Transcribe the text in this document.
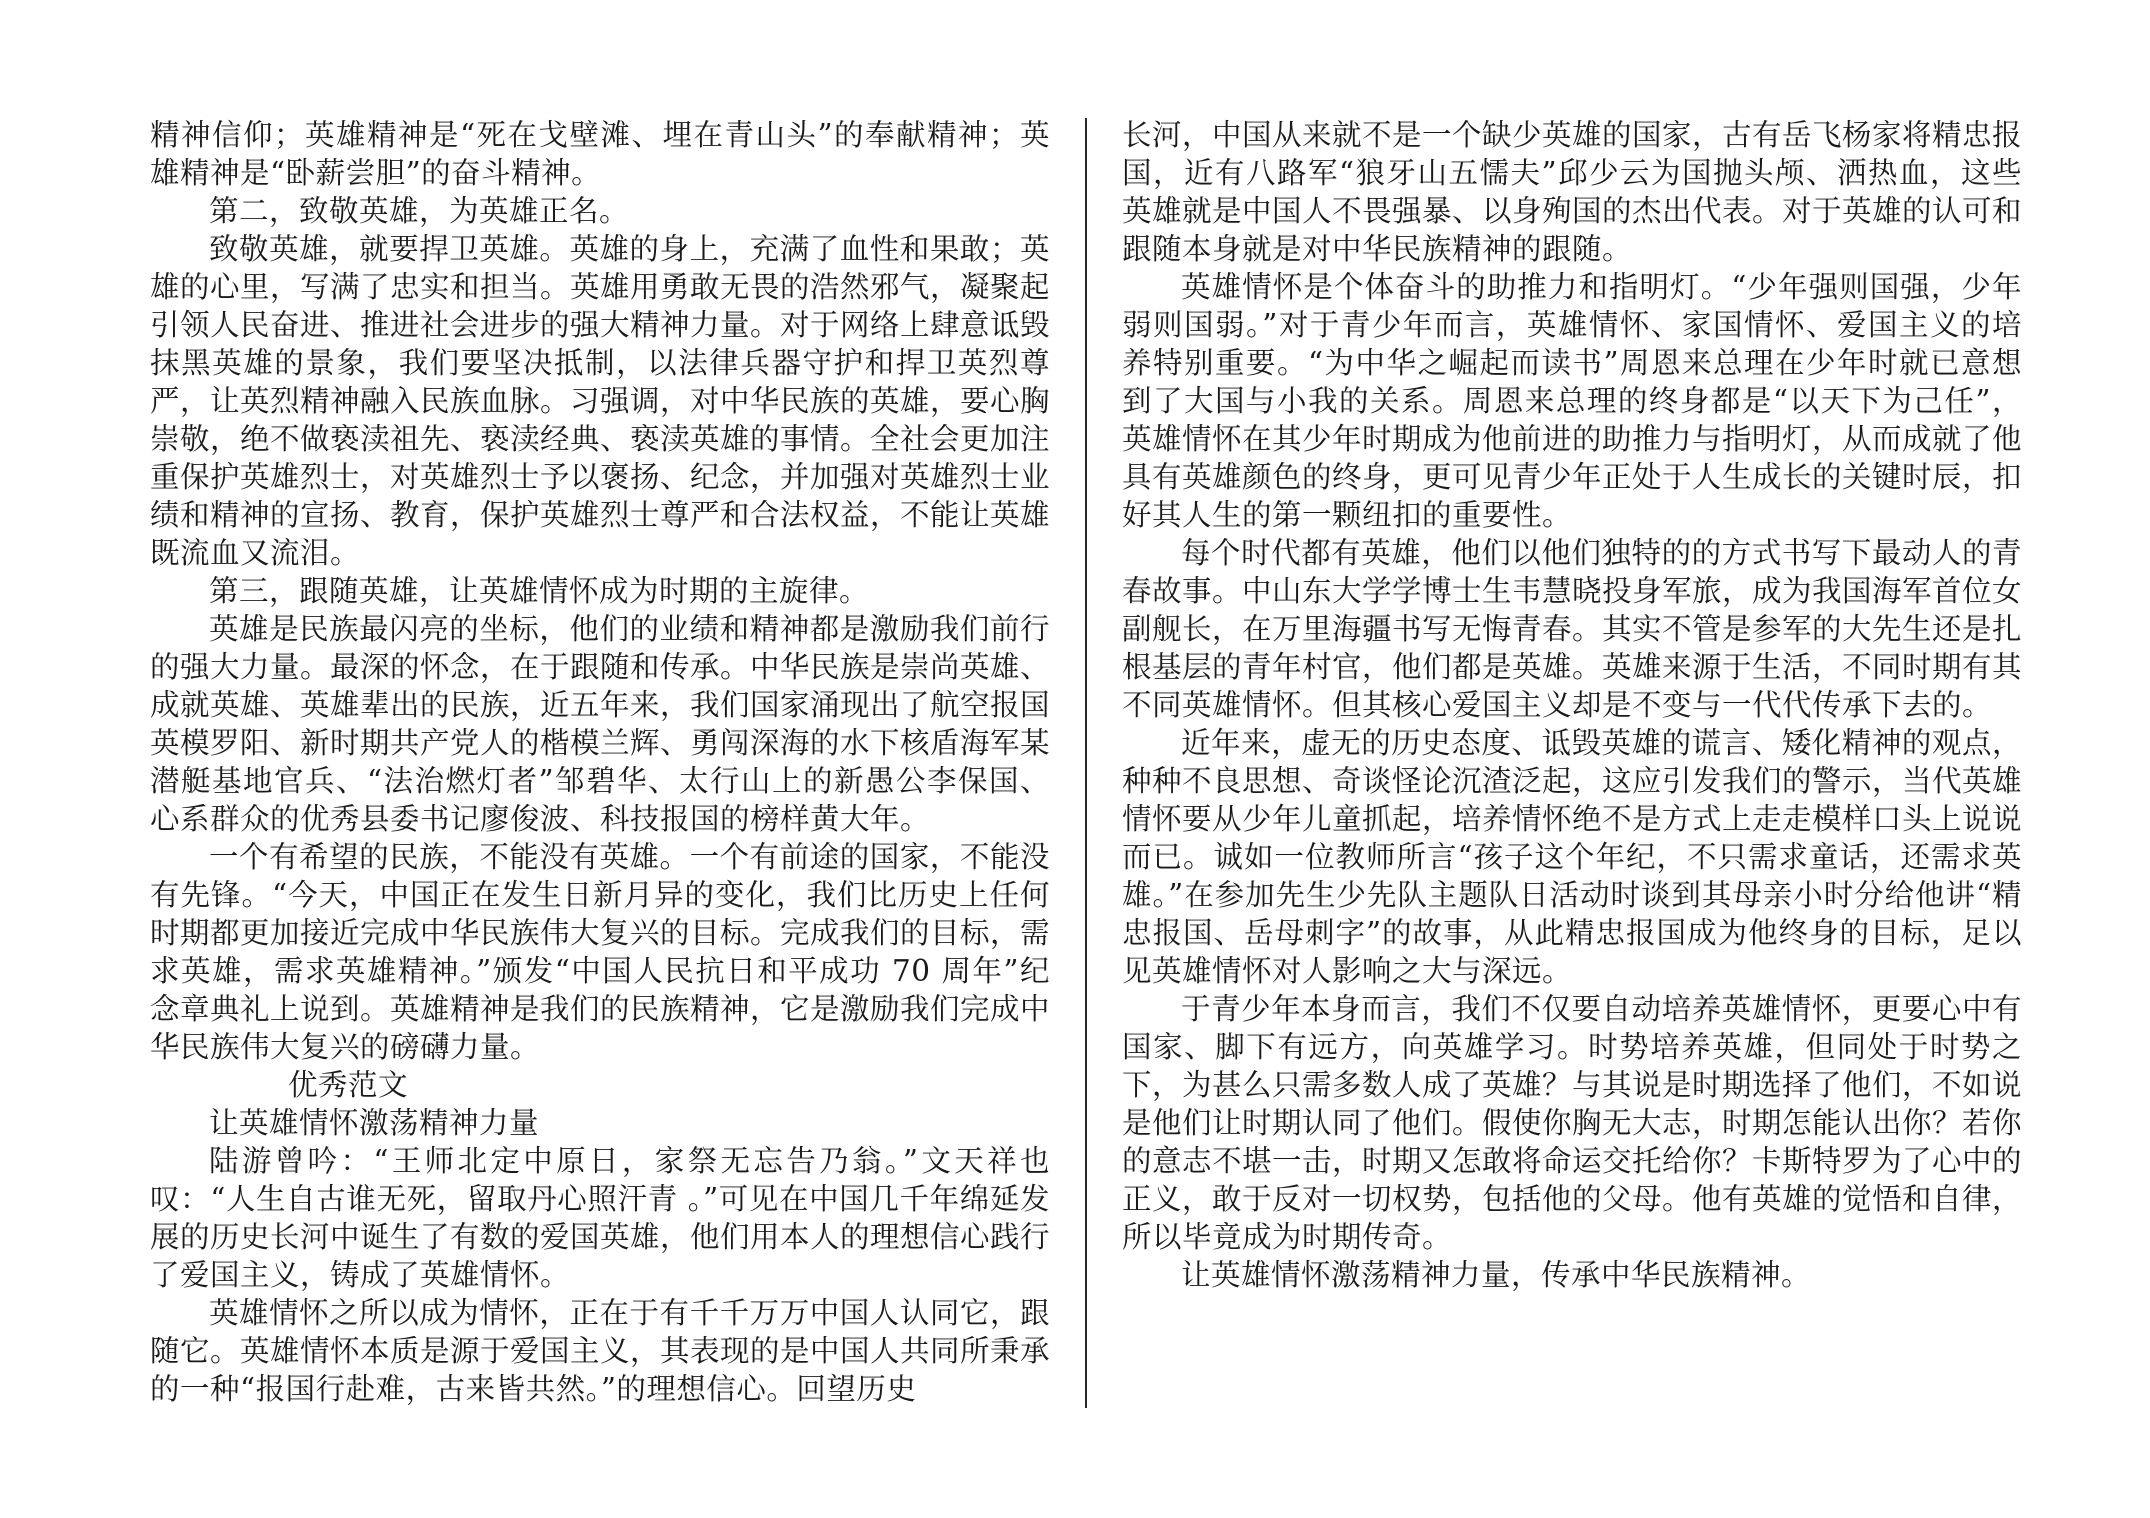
精神信仰；英雄精神是“死在戈壁滩、埋在青山头”的奉献精神；英雄精神是“卧薪尝胆”的奋斗精神。

第二，致敬英雄，为英雄正名。

致敬英雄，就要捍卫英雄。英雄的身上，充满了血性和果敢；英雄的心里，写满了忠实和担当。英雄用勇敢无畏的浩然邪气，凝聚起引领人民奋进、推进社会进步的强大精神力量。对于网络上肆意诋毁抹黑英雄的景象，我们要坚决抵制，以法律兵器守护和捍卫英烈尊严，让英烈精神融入民族血脉。习强调，对中华民族的英雄，要心胸崇敬，绝不做亵渎祖先、亵渎经典、亵渎英雄的事情。全社会更加注重保护英雄烈士，对英雄烈士予以褒扬、纪念，并加强对英雄烈士业绩和精神的宣扬、教育，保护英雄烈士尊严和合法权益，不能让英雄既流血又流泪。

第三，跟随英雄，让英雄情怀成为时期的主旋律。

英雄是民族最闪亮的坐标，他们的业绩和精神都是激励我们前行的强大力量。最深的怀念，在于跟随和传承。中华民族是崇尚英雄、成就英雄、英雄辈出的民族，近五年来，我们国家涌现出了航空报国英模罗阳、新时期共产党人的楷模兰辉、勇闯深海的水下核盾海军某潜艇基地官兵、“法治燃灯者”邹碧华、太行山上的新愚公李保国、心系群众的优秀县委书记廖俊波、科技报国的榜样黄大年。

一个有希望的民族，不能没有英雄。一个有前途的国家，不能没有先锋。“今天，中国正在发生日新月异的变化，我们比历史上任何时期都更加接近完成中华民族伟大复兴的目标。完成我们的目标，需求英雄，需求英雄精神。”颁发“中国人民抗日和平成功 70 周年”纪念章典礼上说到。英雄精神是我们的民族精神，它是激励我们完成中华民族伟大复兴的磅礴力量。

优秀范文

让英雄情怀激荡精神力量

陆游曾吟：“王师北定中原日，家祭无忘告乃翁。”文天祥也叹：“人生自古谁无死，留取丹心照汗青 。”可见在中国几千年绵延发展的历史长河中诞生了有数的爱国英雄，他们用本人的理想信心践行了爱国主义，铸成了英雄情怀。

英雄情怀之所以成为情怀，正在于有千千万万中国人认同它，跟随它。英雄情怀本质是源于爱国主义，其表现的是中国人共同所秉承的一种“报国行赴难，古来皆共然。”的理想信心。回望历史

长河，中国从来就不是一个缺少英雄的国家，古有岳飞杨家将精忠报国，近有八路军“狼牙山五懦夫”邱少云为国抛头颅、洒热血，这些英雄就是中国人不畏强暴、以身殉国的杰出代表。对于英雄的认可和跟随本身就是对中华民族精神的跟随。

英雄情怀是个体奋斗的助推力和指明灯。“少年强则国强，少年弱则国弱。”对于青少年而言，英雄情怀、家国情怀、爱国主义的培养特别重要。“为中华之崛起而读书”周恩来总理在少年时就已意想到了大国与小我的关系。周恩来总理的终身都是“以天下为己任”，英雄情怀在其少年时期成为他前进的助推力与指明灯，从而成就了他具有英雄颜色的终身，更可见青少年正处于人生成长的关键时辰，扣好其人生的第一颗纽扣的重要性。

每个时代都有英雄，他们以他们独特的的方式书写下最动人的青春故事。中山东大学学博士生韦慧晓投身军旅，成为我国海军首位女副舰长，在万里海疆书写无悔青春。其实不管是参军的大先生还是扎根基层的青年村官，他们都是英雄。英雄来源于生活，不同时期有其不同英雄情怀。但其核心爱国主义却是不变与一代代传承下去的。

近年来，虚无的历史态度、诋毁英雄的谎言、矮化精神的观点，种种不良思想、奇谈怪论沉渣泛起，这应引发我们的警示，当代英雄情怀要从少年儿童抓起，培养情怀绝不是方式上走走模样口头上说说而已。诚如一位教师所言“孩子这个年纪，不只需求童话，还需求英雄。”在参加先生少先队主题队日活动时谈到其母亲小时分给他讲“精忠报国、岳母刺字”的故事，从此精忠报国成为他终身的目标，足以见英雄情怀对人影响之大与深远。

于青少年本身而言，我们不仅要自动培养英雄情怀，更要心中有国家、脚下有远方，向英雄学习。时势培养英雄，但同处于时势之下，为甚么只需多数人成了英雄？与其说是时期选择了他们，不如说是他们让时期认同了他们。假使你胸无大志，时期怎能认出你？若你的意志不堪一击，时期又怎敢将命运交托给你？卡斯特罗为了心中的正义，敢于反对一切权势，包括他的父母。他有英雄的觉悟和自律，所以毕竟成为时期传奇。

让英雄情怀激荡精神力量，传承中华民族精神。
